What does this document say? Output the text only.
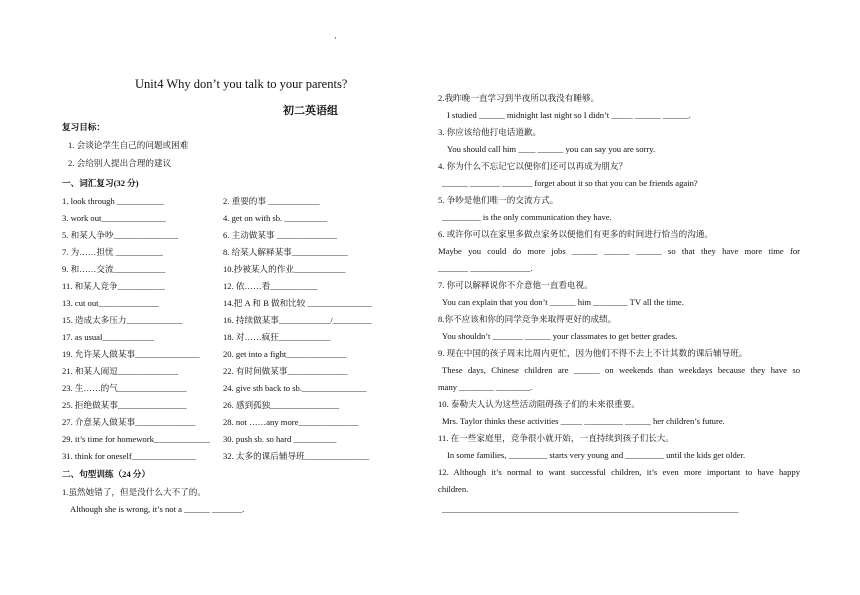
·
Unit4 Why don’t you talk to your parents?
初二英语组
复习目标：
1. 会谈论学生自己的问题或困难
2. 会给别人提出合理的建议
一、词汇复习(32 分)
1. look through ___________
3. work out_______________
5. 和某人争吵_______________
7. 为……担忧 ___________
9. 和……交流____________
11. 和某人竞争___________
13. cut out______________
15. 造成太多压力_____________
17. as usual____________
19. 允许某人做某事_______________
21. 和某人闹逗______________
23. 生……的气________________
25. 拒绝做某事________________
27. 介意某人做某事______________
29. it’s time for homework_____________
31. think for oneself_______________
2. 重要的事 ____________
4. get on with sb. __________
6. 主动做某事 ______________
8. 给某人解释某事_____________
10.抄被某人的作业____________
12. 依……看___________
14.把 A 和 B 做和比较 _______________
16. 持续做某事____________/_________
18. 对……疯狂____________
20. get into a fight______________
22. 有时间做某事______________
24. give sth back to sb._______________
26. 感到孤独________________
28. not ……any more______________
30. push sb. so hard __________
32. 太多的课后辅导班_______________
二、句型训练（24 分）
1.虽然她错了，但是没什么大不了的。
Although she is wrong, it’s not a ______ _______.
2.我昨晚一直学习到半夜所以我没有睡够。
I studied ______ midnight last night so I didn’t _____ ______ ______.
3. 你应该给他打电话道歉。
You should call him ____ ______ you can say you are sorry.
4. 你为什么不忘记它以便你们还可以再成为朋友？
______ _______ _______ forget about it so that you can be friends again?
5. 争吵是他们唯一的交流方式。
_________ is the only communication they have.
6. 或许你可以在家里多做点家务以便他们有更多的时间进行恰当的沟通。
Maybe you could do more jobs ______ ______ ______ so that they have more time for
_______ ______________.
7. 你可以解释说你不介意他一直看电视。
You can explain that you don’t ______ him ________ TV all the time.
8.你不应该和你的同学竞争来取得更好的成绩。
You shouldn’t _______ ______ your classmates to get better grades.
9. 现在中国的孩子周末比周内更忙，因为他们不得不去上不计其数的课后辅导班。
These days, Chinese children are ______ on weekends than weekdays because they have so
many ________ ________.
10. 泰勒夫人认为这些活动阻碍孩子们的未来很重要。
Mrs. Taylor thinks these activities _____ _________ ______ her children’s future.
11. 在一些家庭里，竞争很小就开始，一直持续到孩子们长大。
In some families, _________ starts very young and _________ until the kids get older.
12. Although it’s normal to want successful children, it’s even more important to have happy
children.
_____________________________________________________________________
